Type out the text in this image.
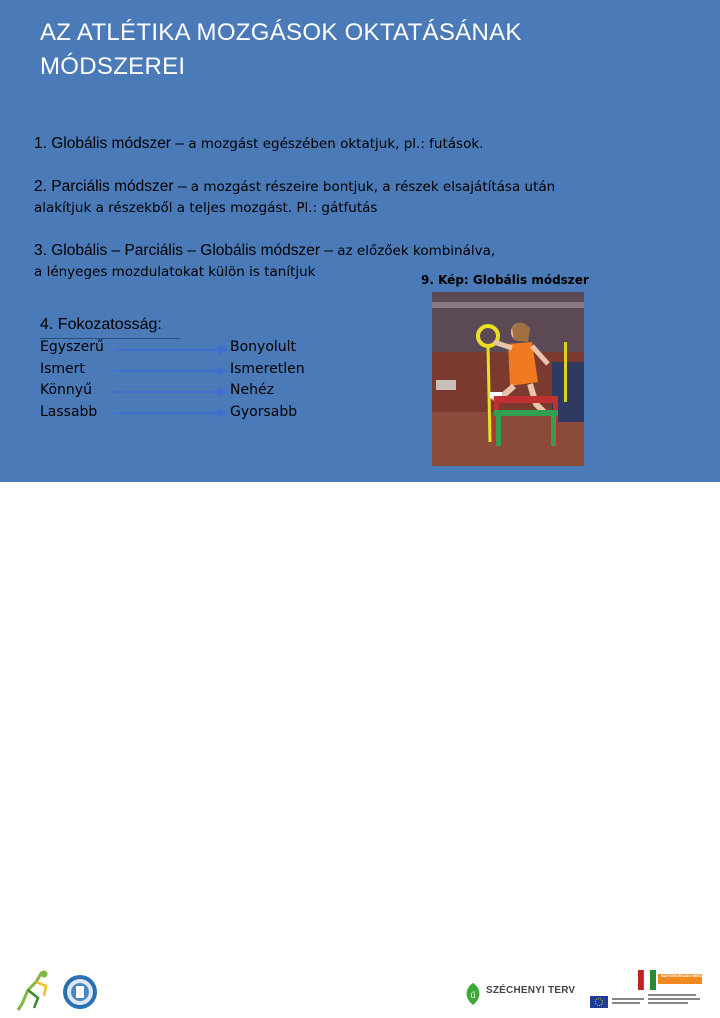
AZ ATLÉTIKA MOZGÁSOK OKTATÁSÁNAK
MÓDSZEREI
1. Globális módszer – a mozgást egészében oktatjuk, pl.: futások.
2. Parciális módszer – a mozgást részeire bontjuk, a részek elsajátítása után
alakítjuk a részekből a teljes mozgást. Pl.: gátfutás
3. Globális – Parciális – Globális módszer – az előzőek kombinálva,
a lényeges mozdulatokat külön is tanítjuk	9. Kép: Globális módszer
4. Fokozatosság:
Egyszerű
Ismert
Könnyű
Lassabb
Bonyolult
Ismeretlen
Nehéz
Gyorsabb
ű SZÉCHENYI TERV
MAGYARORSZÁG MEGÚJUL
